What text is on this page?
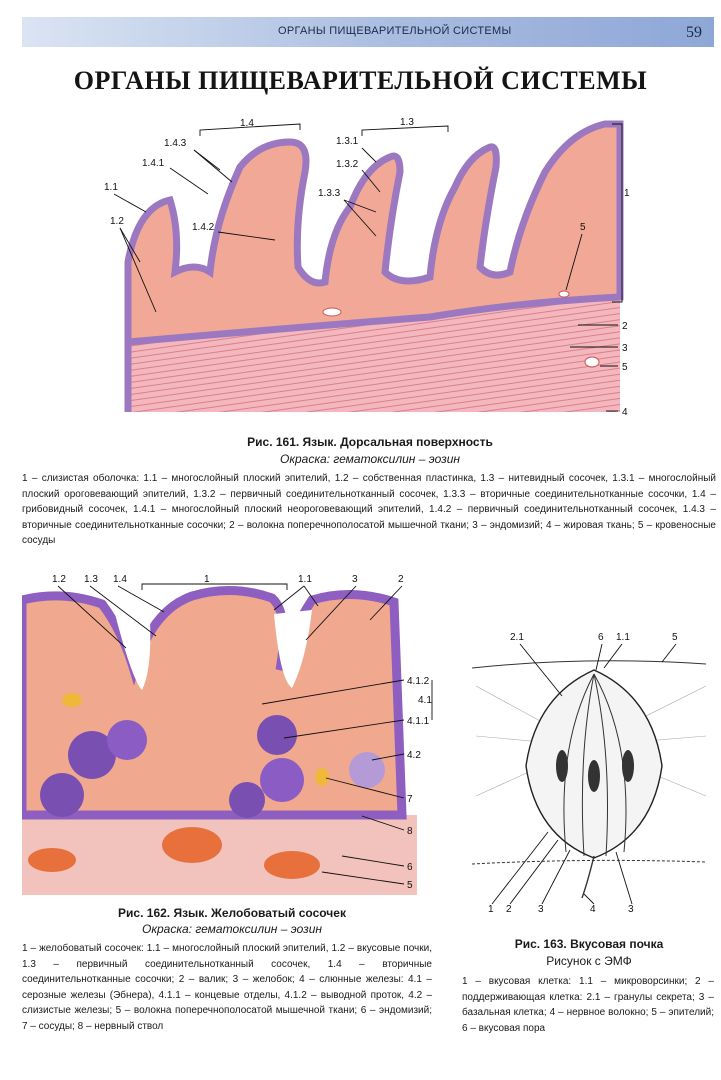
ОРГАНЫ ПИЩЕВАРИТЕЛЬНОЙ СИСТЕМЫ	59
ОРГАНЫ ПИЩЕВАРИТЕЛЬНОЙ СИСТЕМЫ
1.4	1.3
1.4.3	1.3.1
1.4.1	1.3.2
1.1
1.3.3
1.2
1.4.2
1
5
2
3
5
4
Рис. 161. Язык. Дорсальная поверхность
Окраска: гематоксилин – эозин
1 – слизистая оболочка: 1.1 – многослойный плоский эпителий, 1.2 – собственная пластинка, 1.3 – нитевидный сосочек, 1.3.1 – многослойный плоский ороговевающий эпителий, 1.3.2 – первичный соединительнотканный сосочек, 1.3.3 – вторичные соединительнотканные сосочки, 1.4 – грибовидный сосочек, 1.4.1 – многослойный плоский неороговевающий эпителий, 1.4.2 – первичный соединительнотканный сосочек, 1.4.3 – вторичные соединительнотканные сосочки; 2 – волокна поперечнополосатой мышечной ткани; 3 – эндомизий; 4 – жировая ткань; 5 – кровеносные сосуды
1.2 1.3 1.4	1	1.1	3	2
4.1.2
4.1
4.1.1
4.2
7
8
6
5
Рис. 162. Язык. Желобоватый сосочек
Окраска: гематоксилин – эозин
1 – желобоватый сосочек: 1.1 – многослойный плоский эпителий, 1.2 – вкусовые почки, 1.3 – первичный соединительнотканный сосочек, 1.4 – вторичные соединительнотканные сосочки; 2 – валик; 3 – желобок; 4 – слюнные железы: 4.1 – серозные железы (Эбнера), 4.1.1 – концевые отделы, 4.1.2 – выводной проток, 4.2 – слизистые железы; 5 – волокна поперечнополосатой мышечной ткани; 6 – эндомизий; 7 – сосуды; 8 – нервный ствол
2.1	6 1.1	5
1 2	3	4	3
Рис. 163. Вкусовая почка
Рисунок с ЭМФ
1 – вкусовая клетка: 1.1 – микроворсинки; 2 – поддерживающая клетка: 2.1 – гранулы секрета; 3 – базальная клетка; 4 – нервное волокно; 5 – эпителий; 6 – вкусовая пора
